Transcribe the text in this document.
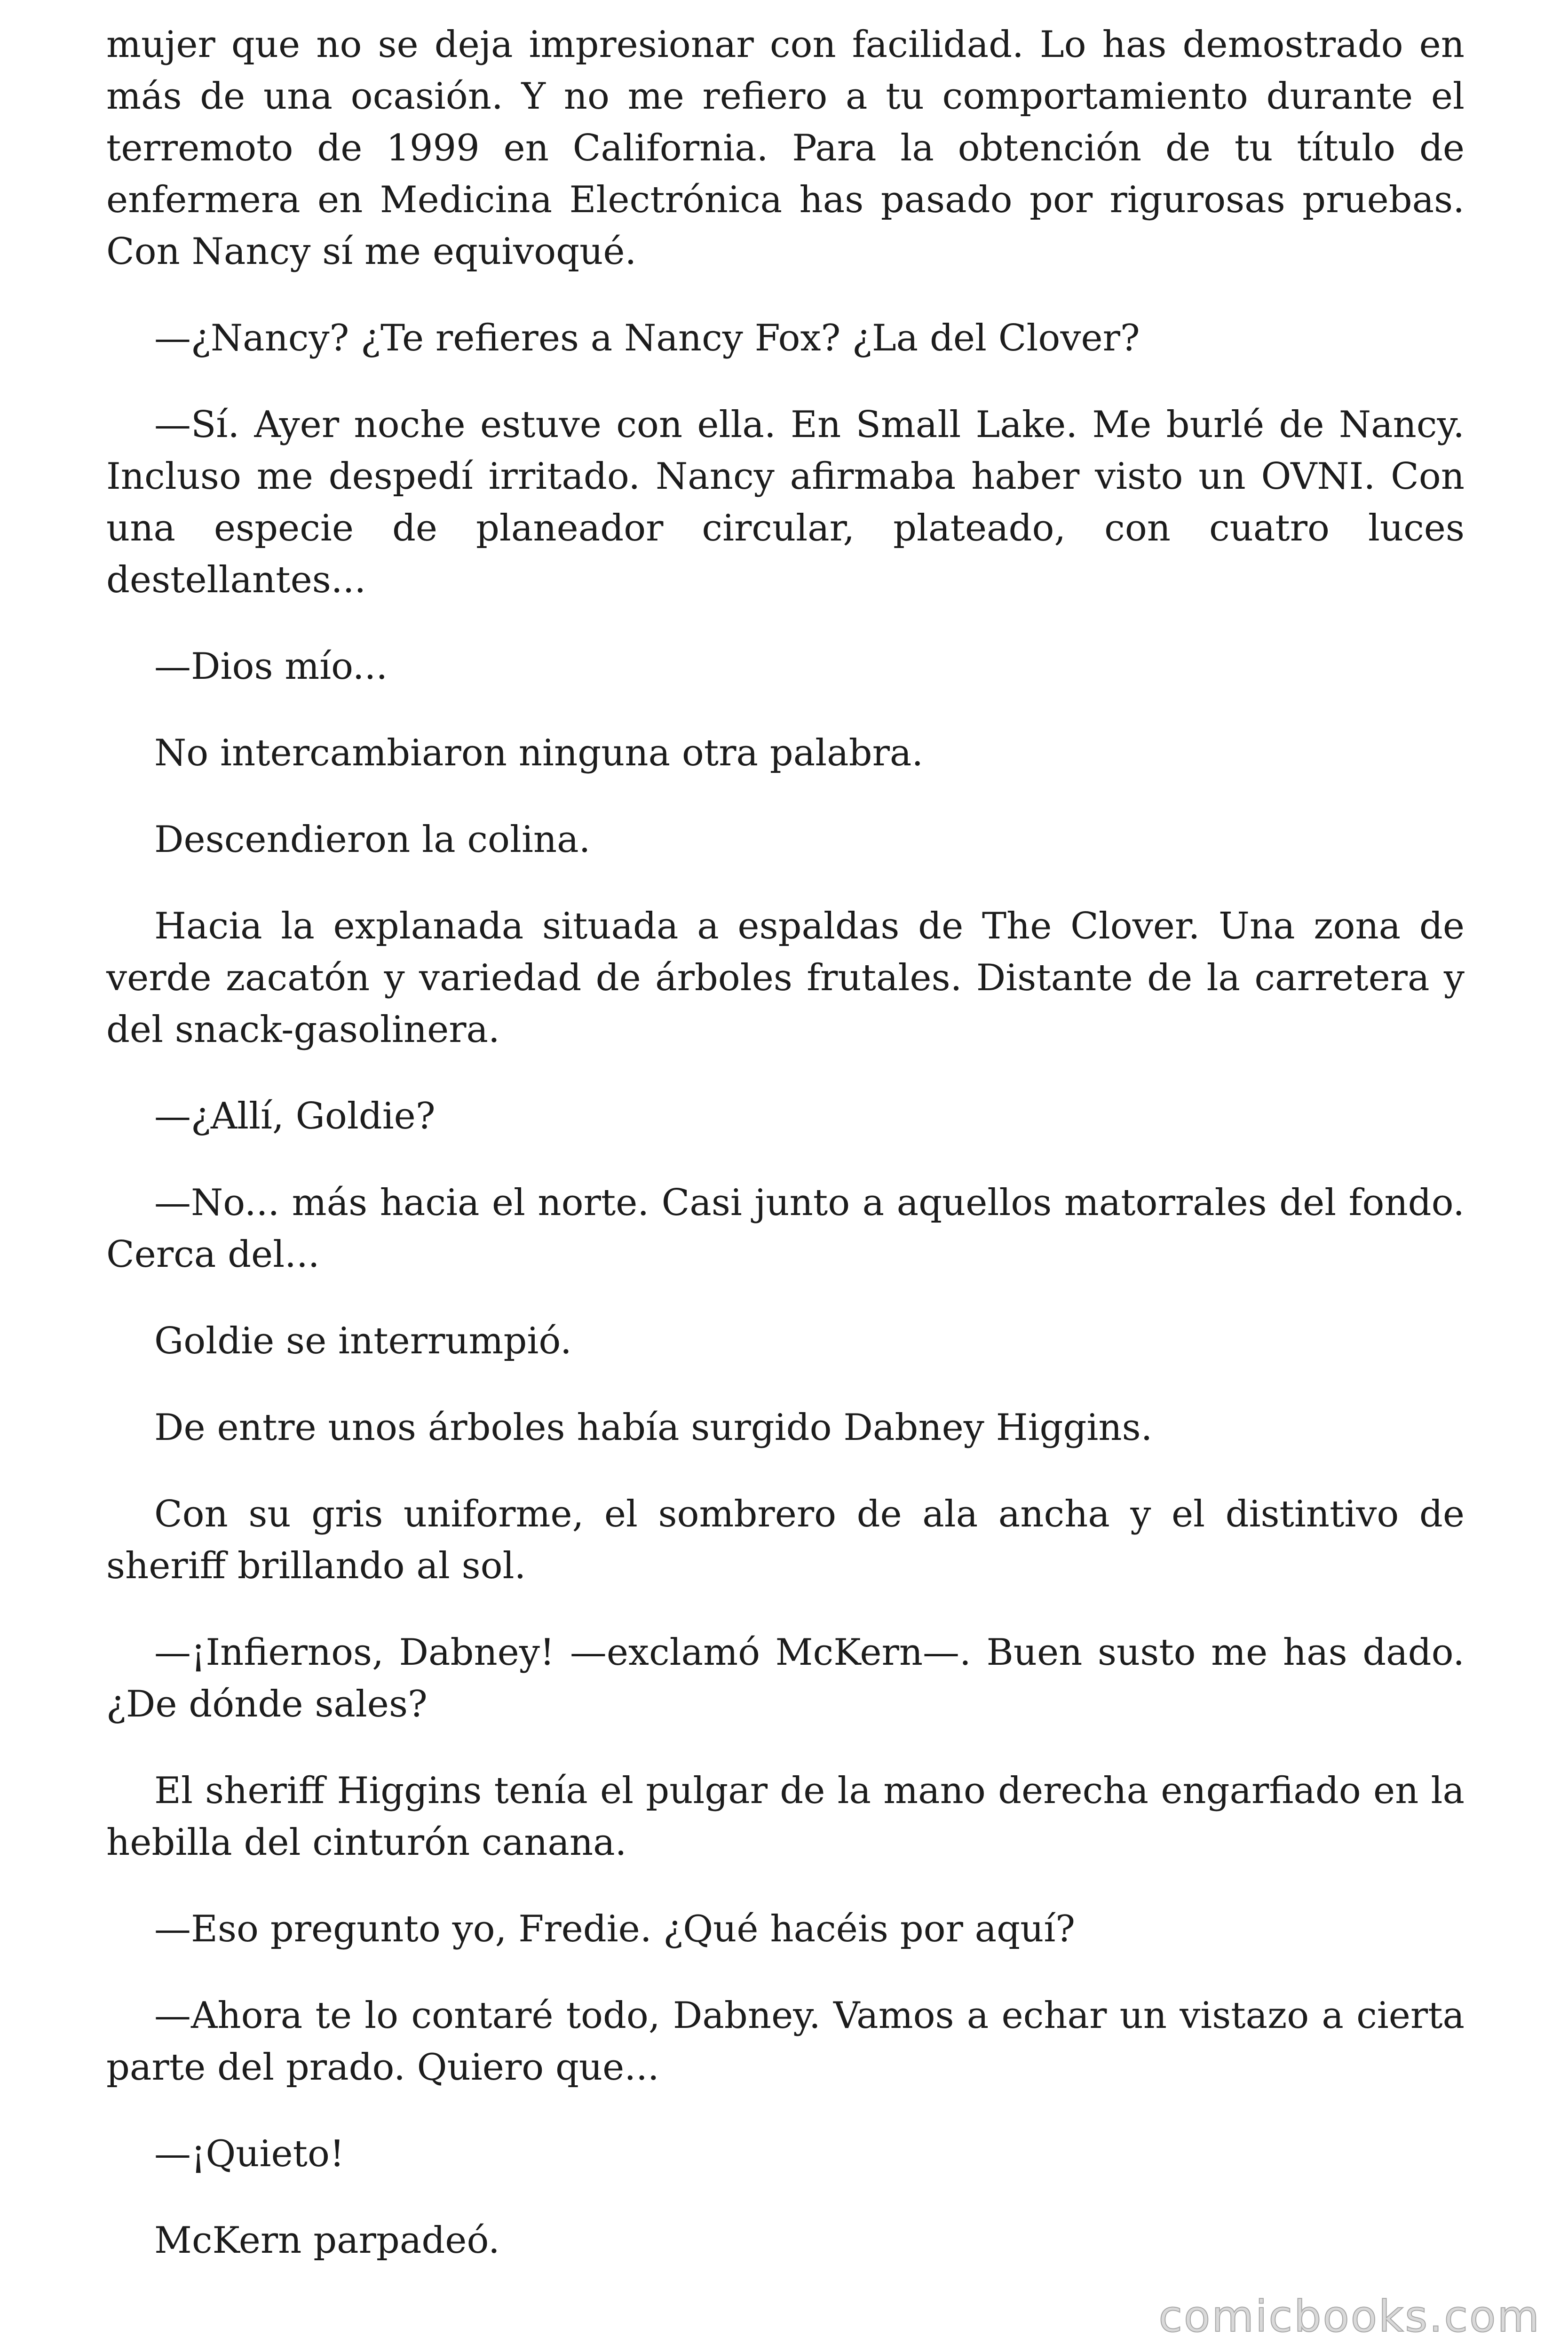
mujer que no se deja impresionar con facilidad. Lo has demostrado en más de una ocasión. Y no me refiero a tu comportamiento durante el terremoto de 1999 en California. Para la obtención de tu título de enfermera en Medicina Electrónica has pasado por rigurosas pruebas. Con Nancy sí me equivoqué.

—¿Nancy? ¿Te refieres a Nancy Fox? ¿La del Clover?

—Sí. Ayer noche estuve con ella. En Small Lake. Me burlé de Nancy. Incluso me despedí irritado. Nancy afirmaba haber visto un OVNI. Con una especie de planeador circular, plateado, con cuatro luces destellantes...

—Dios mío...

No intercambiaron ninguna otra palabra.

Descendieron la colina.

Hacia la explanada situada a espaldas de The Clover. Una zona de verde zacatón y variedad de árboles frutales. Distante de la carretera y del snack-gasolinera.

—¿Allí, Goldie?

—No... más hacia el norte. Casi junto a aquellos matorrales del fondo. Cerca del...

Goldie se interrumpió.

De entre unos árboles había surgido Dabney Higgins.

Con su gris uniforme, el sombrero de ala ancha y el distintivo de sheriff brillando al sol.

—¡Infiernos, Dabney! —exclamó McKern—. Buen susto me has dado. ¿De dónde sales?

El sheriff Higgins tenía el pulgar de la mano derecha engarfiado en la hebilla del cinturón canana.

—Eso pregunto yo, Fredie. ¿Qué hacéis por aquí?

—Ahora te lo contaré todo, Dabney. Vamos a echar un vistazo a cierta parte del prado. Quiero que...

—¡Quieto!

McKern parpadeó.

comicbooks.com
